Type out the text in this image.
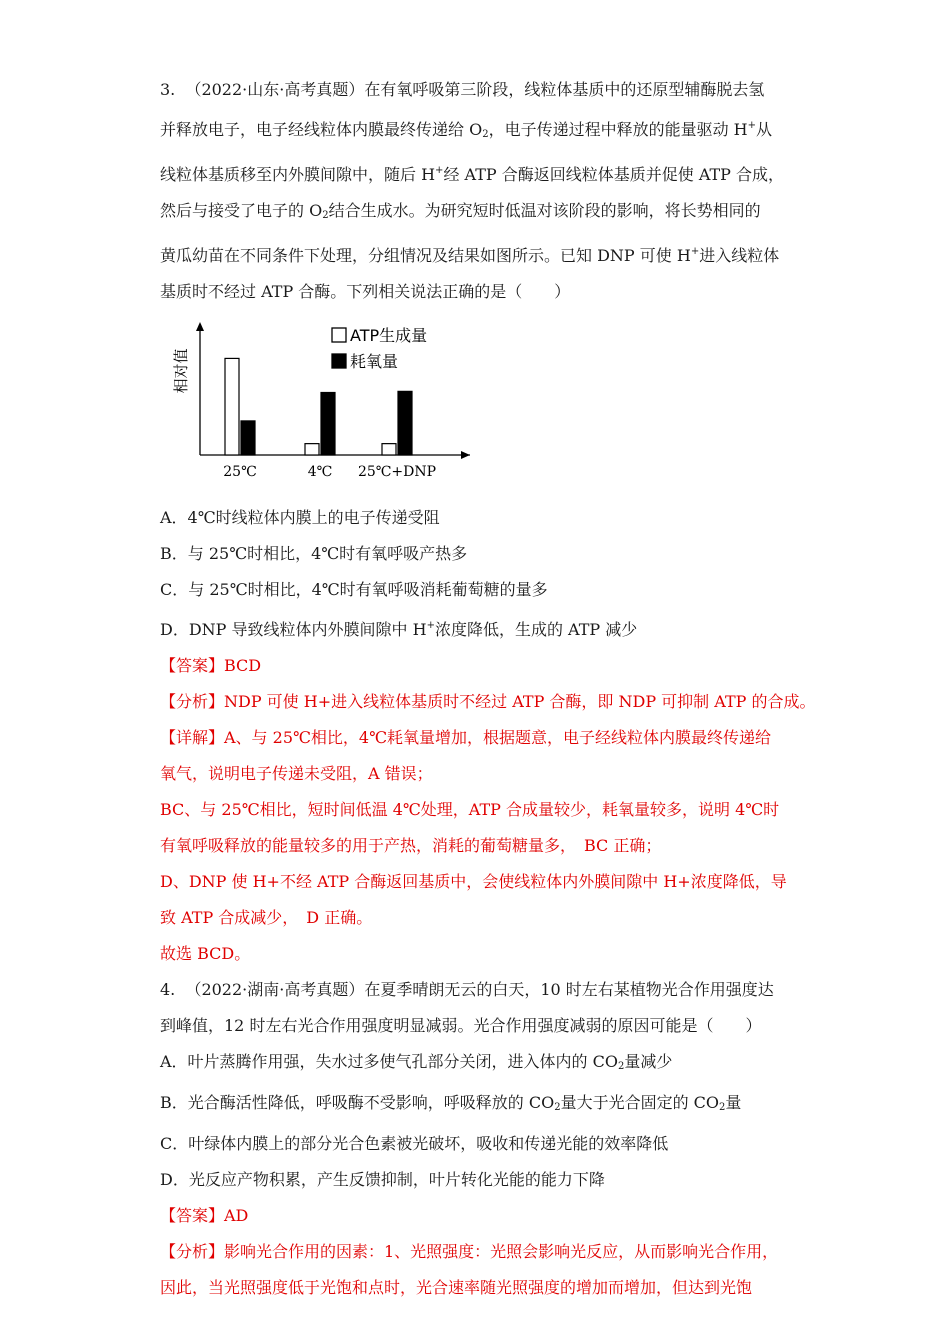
3. （2022·山东·高考真题）在有氧呼吸第三阶段，线粒体基质中的还原型辅酶脱去氢

并释放电子，电子经线粒体内膜最终传递给 $O_2$，电子传递过程中释放的能量驱动 H+从

线粒体基质移至内外膜间隙中，随后 H+经 ATP 合酶返回线粒体基质并促使 ATP 合成，

然后与接受了电子的 $O_2$结合生成水。为研究短时低温对该阶段的影响，将长势相同的

黄瓜幼苗在不同条件下处理，分组情况及结果如图所示。已知 DNP 可使 H+进入线粒体

基质时不经过 ATP 合酶。下列相关说法正确的是（　　）

相对值
25℃	4℃ 25℃+DNP
ATP生成量
耗氧量

A．4℃时线粒体内膜上的电子传递受阻

B．与 25℃时相比，4℃时有氧呼吸产热多

C．与 25℃时相比，4℃时有氧呼吸消耗葡萄糖的量多

D．DNP 导致线粒体内外膜间隙中 H+浓度降低，生成的 ATP 减少

【答案】BCD

【分析】NDP 可使 H+进入线粒体基质时不经过 ATP 合酶，即 NDP 可抑制 ATP 的合成。

【详解】A、与 25℃相比，4℃耗氧量增加，根据题意，电子经线粒体内膜最终传递给

氧气，说明电子传递未受阻，A 错误；

BC、与 25℃相比，短时间低温 4℃处理，ATP 合成量较少，耗氧量较多，说明 4℃时

有氧呼吸释放的能量较多的用于产热，消耗的葡萄糖量多，　BC 正确；

D、DNP 使 H+不经 ATP 合酶返回基质中，会使线粒体内外膜间隙中 H+浓度降低，导

致 ATP 合成减少，　D 正确。

故选 BCD。

4. （2022·湖南·高考真题）在夏季晴朗无云的白天，10 时左右某植物光合作用强度达

到峰值，12 时左右光合作用强度明显减弱。光合作用强度减弱的原因可能是（　　）

A．叶片蒸腾作用强，失水过多使气孔部分关闭，进入体内的 $CO_2$量减少

B．光合酶活性降低，呼吸酶不受影响，呼吸释放的 $CO_2$量大于光合固定的 $CO_2$量

C．叶绿体内膜上的部分光合色素被光破坏，吸收和传递光能的效率降低

D．光反应产物积累，产生反馈抑制，叶片转化光能的能力下降

【答案】AD

【分析】影响光合作用的因素：1、光照强度：光照会影响光反应，从而影响光合作用，

因此，当光照强度低于光饱和点时，光合速率随光照强度的增加而增加，但达到光饱
